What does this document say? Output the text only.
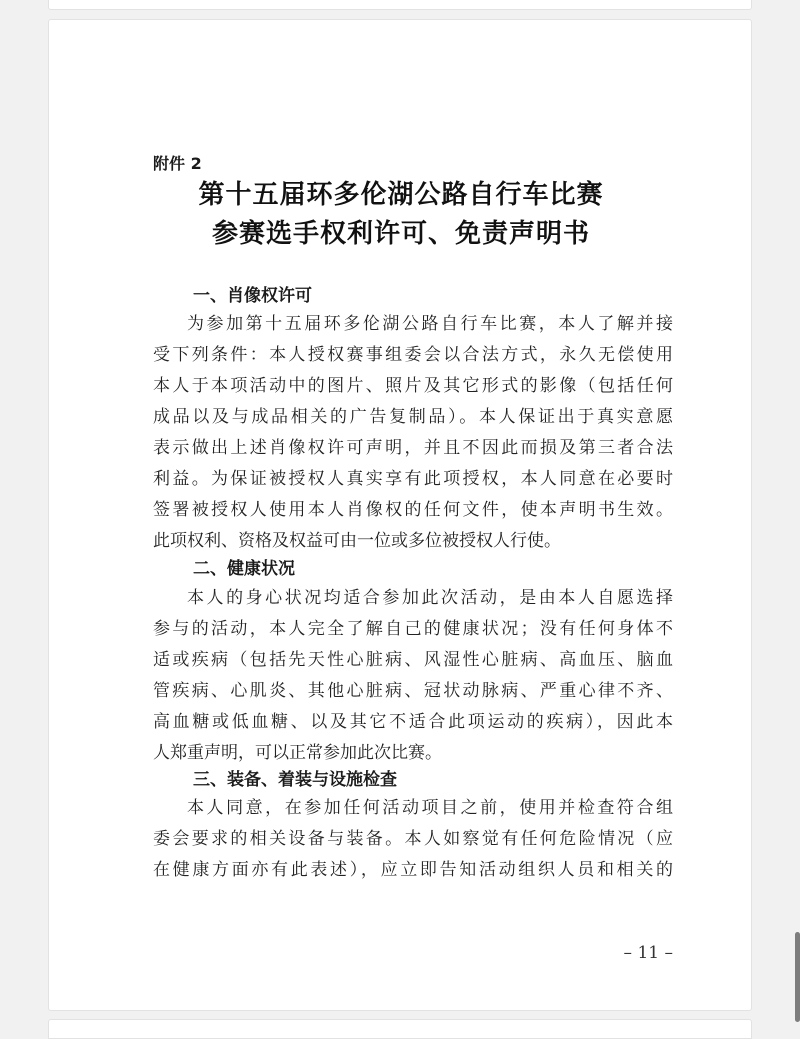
附件 2

第十五届环多伦湖公路自行车比赛
参赛选手权利许可、免责声明书
一、肖像权许可
为参加第十五届环多伦湖公路自行车比赛，本人了解并接
受下列条件：本人授权赛事组委会以合法方式，永久无偿使用
本人于本项活动中的图片、照片及其它形式的影像（包括任何
成品以及与成品相关的广告复制品）。本人保证出于真实意愿
表示做出上述肖像权许可声明，并且不因此而损及第三者合法
利益。为保证被授权人真实享有此项授权，本人同意在必要时
签署被授权人使用本人肖像权的任何文件，使本声明书生效。
此项权利、资格及权益可由一位或多位被授权人行使。
二、健康状况
本人的身心状况均适合参加此次活动，是由本人自愿选择
参与的活动，本人完全了解自己的健康状况；没有任何身体不
适或疾病（包括先天性心脏病、风湿性心脏病、高血压、脑血
管疾病、心肌炎、其他心脏病、冠状动脉病、严重心律不齐、
高血糖或低血糖、以及其它不适合此项运动的疾病），因此本
人郑重声明，可以正常参加此次比赛。
三、装备、着装与设施检查
本人同意，在参加任何活动项目之前，使用并检查符合组
委会要求的相关设备与装备。本人如察觉有任何危险情况（应
在健康方面亦有此表述），应立即告知活动组织人员和相关的

– 11 –
